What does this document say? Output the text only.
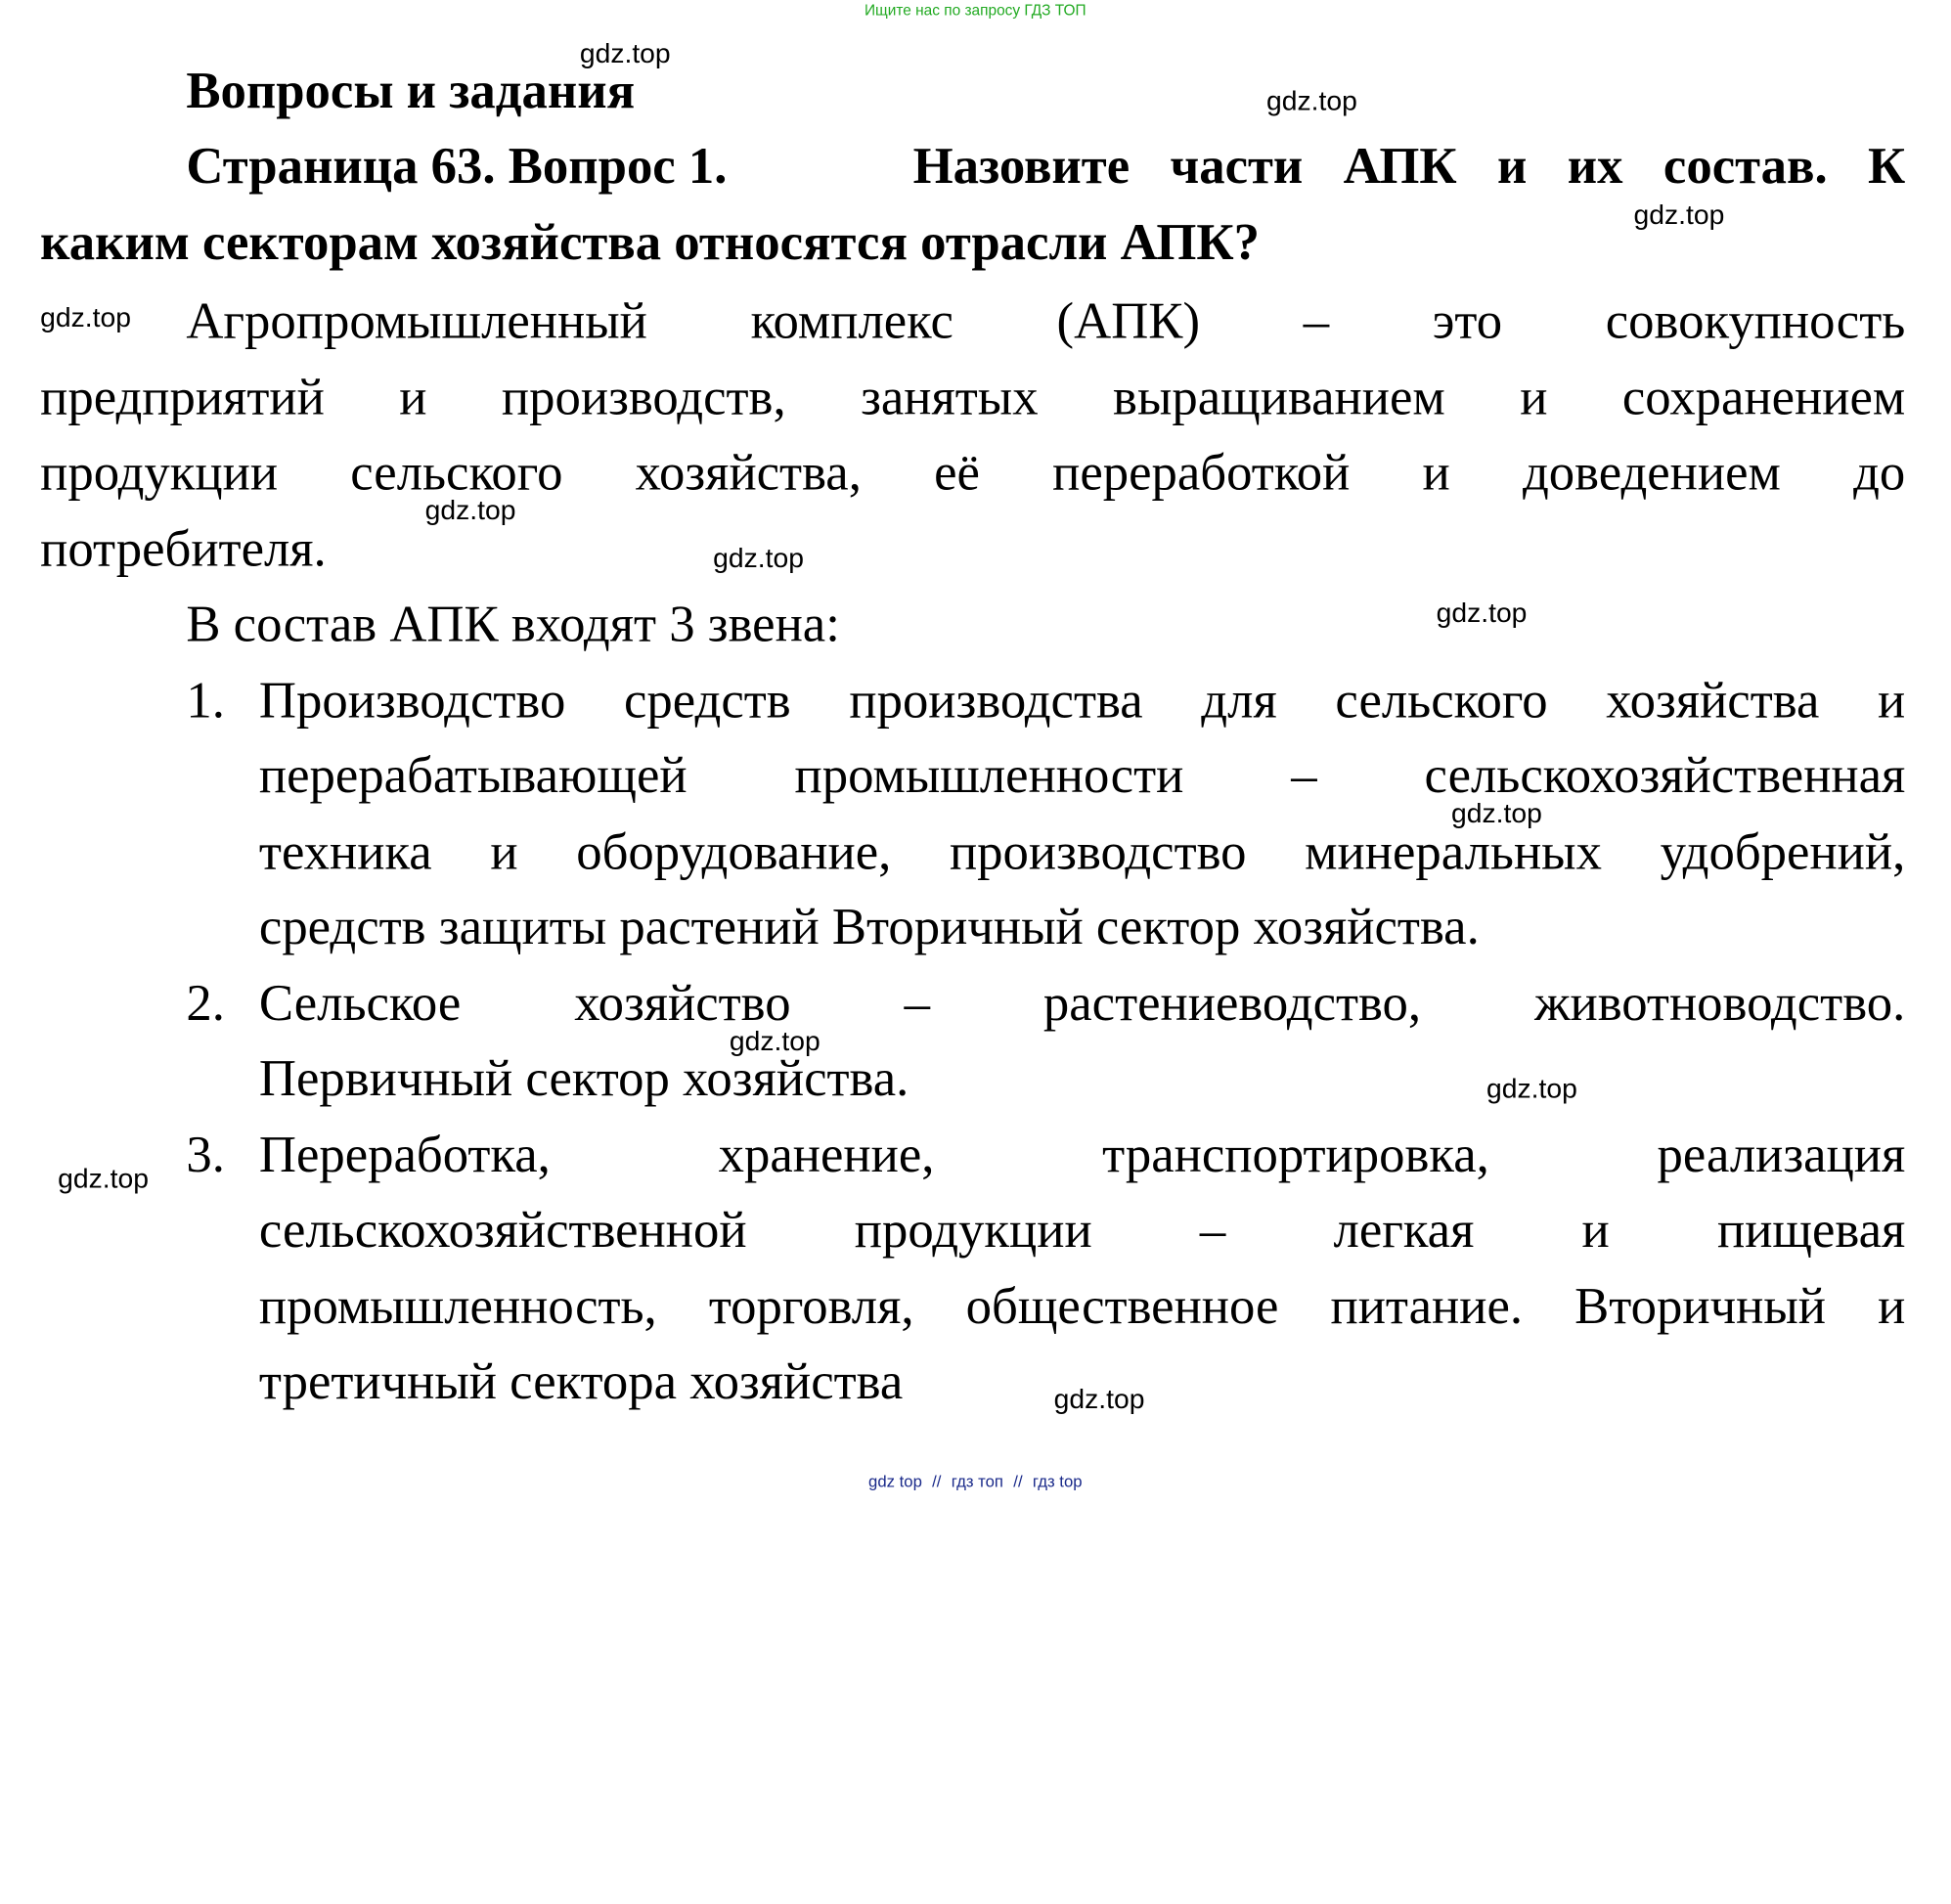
Ищите нас по запросу ГДЗ ТОП
Вопросы и задания
Страница 63. Вопрос 1.	Назовите части АПК и их состав. К
каким секторам хозяйства относятся отрасли АПК?
Агропромышленный комплекс (АПК) – это совокупность
предприятий и производств, занятых выращиванием и сохранением
продукции сельского хозяйства, её переработкой и доведением до
потребителя.
В состав АПК входят 3 звена:
1. Производство средств производства для сельского хозяйства и
перерабатывающей промышленности – сельскохозяйственная
техника и оборудование, производство минеральных удобрений,
средств защиты растений Вторичный сектор хозяйства.
2. Сельское хозяйство – растениеводство, животноводство.
Первичный сектор хозяйства.
3. Переработка, хранение, транспортировка, реализация
сельскохозяйственной продукции – легкая и пищевая
промышленность, торговля, общественное питание. Вторичный и
третичный сектора хозяйства
gdz.top
gdz.top
gdz.top
gdz.top
gdz.top
gdz.top
gdz.top
gdz.top
gdz.top
gdz.top
gdz.top
gdz.top
gdz top // гдз топ // гдз top
